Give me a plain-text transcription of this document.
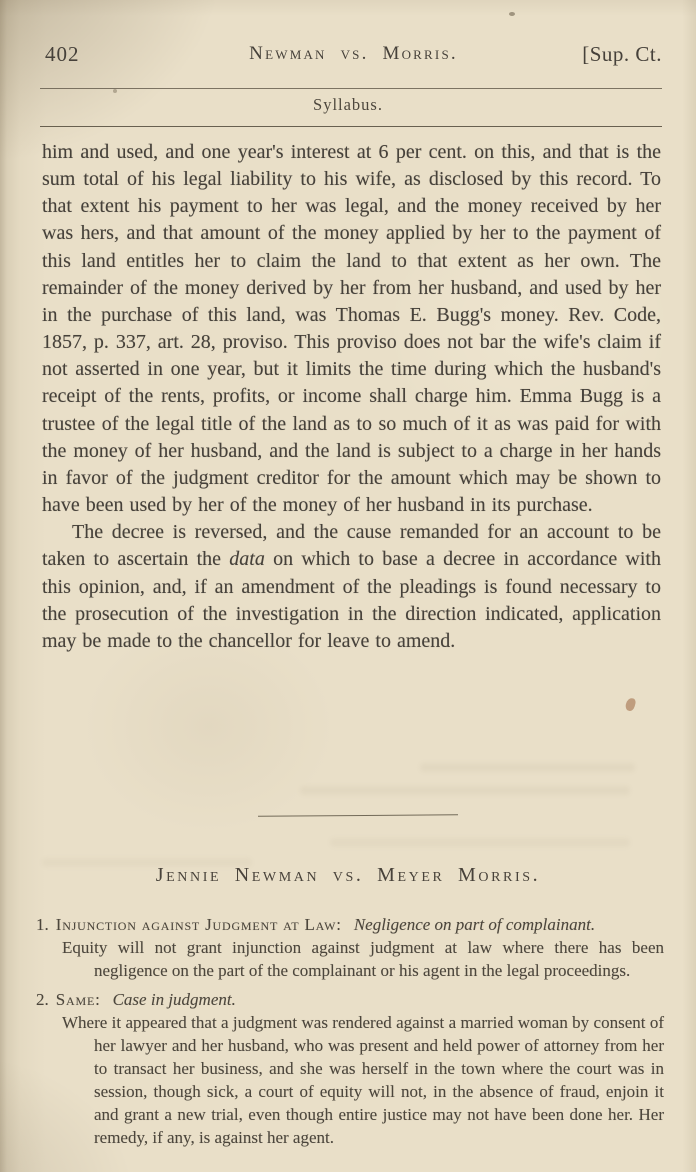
402	Newman vs. Morris.	[Sup. Ct.
Syllabus.

him and used, and one year's interest at 6 per cent. on this, and that is the sum total of his legal liability to his wife, as disclosed by this record. To that extent his payment to her was legal, and the money received by her was hers, and that amount of the money applied by her to the payment of this land entitles her to claim the land to that extent as her own. The remainder of the money derived by her from her husband, and used by her in the purchase of this land, was Thomas E. Bugg's money. Rev. Code, 1857, p. 337, art. 28, proviso. This proviso does not bar the wife's claim if not asserted in one year, but it limits the time during which the husband's receipt of the rents, profits, or income shall charge him. Emma Bugg is a trustee of the legal title of the land as to so much of it as was paid for with the money of her husband, and the land is subject to a charge in her hands in favor of the judgment creditor for the amount which may be shown to have been used by her of the money of her husband in its purchase.

The decree is reversed, and the cause remanded for an account to be taken to ascertain the data on which to base a decree in accordance with this opinion, and, if an amendment of the pleadings is found necessary to the prosecution of the investigation in the direction indicated, application may be made to the chancellor for leave to amend.

Jennie Newman vs. Meyer Morris.
1. Injunction against Judgment at Law: Negligence on part of complainant.

Equity will not grant injunction against judgment at law where there has been negligence on the part of the complainant or his agent in the legal proceedings.

2. Same: Case in judgment.

Where it appeared that a judgment was rendered against a married woman by consent of her lawyer and her husband, who was present and held power of attorney from her to transact her business, and she was herself in the town where the court was in session, though sick, a court of equity will not, in the absence of fraud, enjoin it and grant a new trial, even though entire justice may not have been done her. Her remedy, if any, is against her agent.
